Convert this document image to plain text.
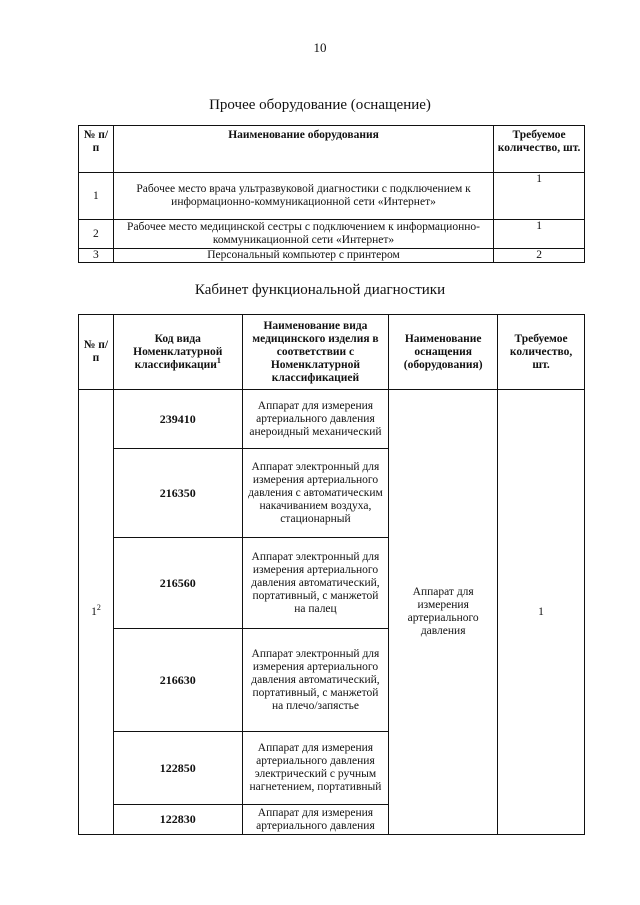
10
Прочее оборудование (оснащение)
№ п/п	Наименование оборудования	Требуемое количество, шт.
1	Рабочее место врача ультразвуковой диагностики с подключением к информационно-коммуникационной сети «Интернет»	1
2	Рабочее место медицинской сестры с подключением к информационно-коммуникационной сети «Интернет»	1
3	Персональный компьютер с принтером	2
Кабинет функциональной диагностики
№ п/п	Код вида Номенклатурной классификации$^1$	Наименование вида медицинского изделия в соответствии с Номенклатурной классификацией	Наименование оснащения (оборудования)	Требуемое количество, шт.
$1^2$	239410	Аппарат для измерения артериального давления анероидный механический	Аппарат для измерения артериального давления	1
	216350	Аппарат электронный для измерения артериального давления с автоматическим накачиванием воздуха, стационарный		
	216560	Аппарат электронный для измерения артериального давления автоматический, портативный, с манжетой на палец		
	216630	Аппарат электронный для измерения артериального давления автоматический, портативный, с манжетой на плечо/запястье		
	122850	Аппарат для измерения артериального давления электрический с ручным нагнетением, портативный		
	122830	Аппарат для измерения артериального давления		
